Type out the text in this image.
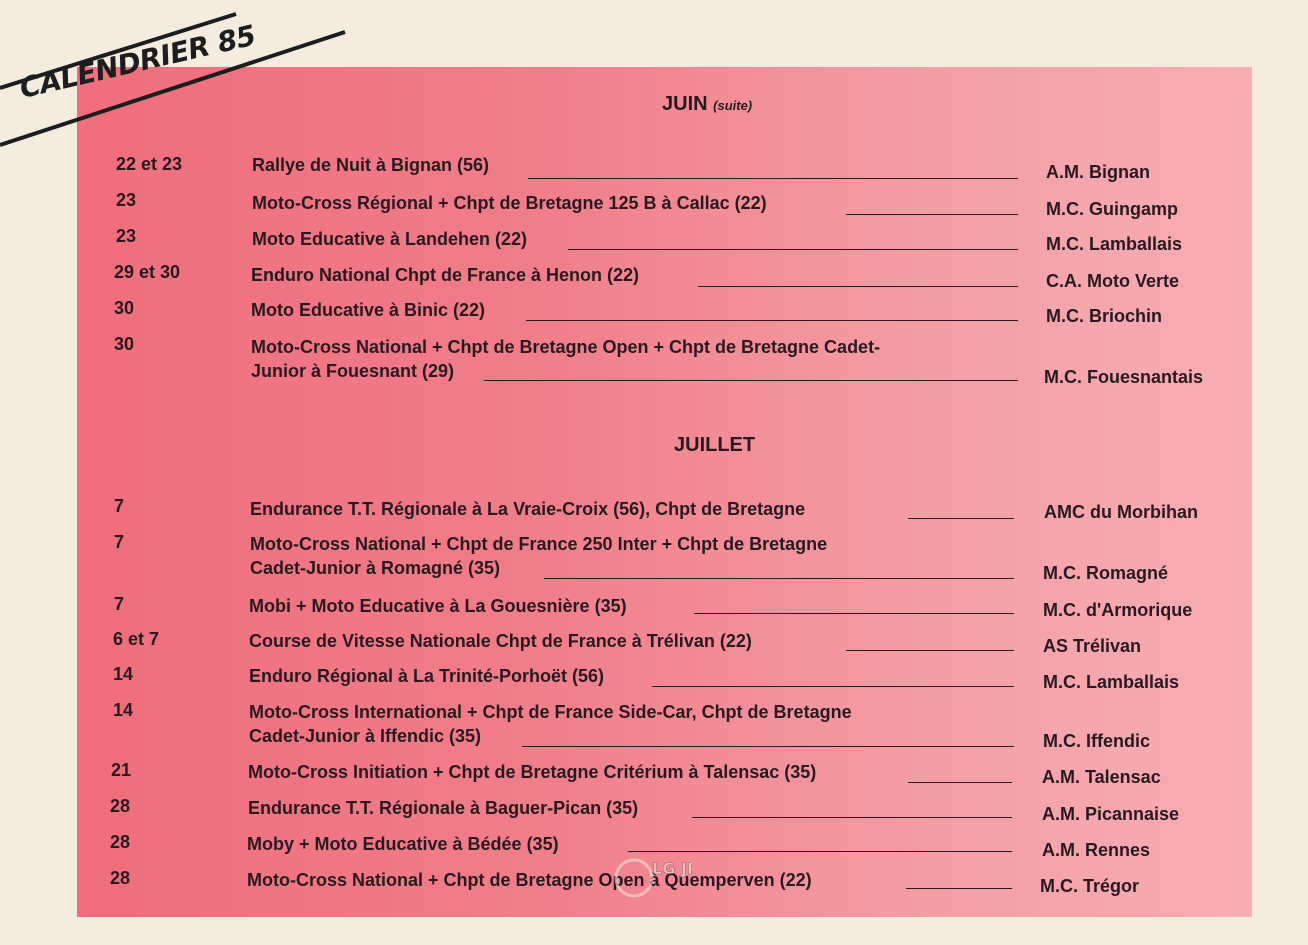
CALENDRIER 85	JUIN (suite)
22 et 23	Rallye de Nuit à Bignan (56)	A.M. Bignan
23	Moto-Cross Régional + Chpt de Bretagne 125 B à Callac (22)	M.C. Guingamp
23	Moto Educative à Landehen (22)	M.C. Lamballais
29 et 30	Enduro National Chpt de France à Henon (22)	C.A. Moto Verte
30	Moto Educative à Binic (22)	M.C. Briochin
30	Moto-Cross National + Chpt de Bretagne Open + Chpt de Bretagne Cadet-
Junior à Fouesnant (29)	M.C. Fouesnantais
JUILLET
7	Endurance T.T. Régionale à La Vraie-Croix (56), Chpt de Bretagne	AMC du Morbihan
7	Moto-Cross National + Chpt de France 250 Inter + Chpt de Bretagne
Cadet-Junior à Romagné (35)	M.C. Romagné
7	Mobi + Moto Educative à La Gouesnière (35)	M.C. d'Armorique
6 et 7	Course de Vitesse Nationale Chpt de France à Trélivan (22)	AS Trélivan
14	Enduro Régional à La Trinité-Porhoët (56)	M.C. Lamballais
14	Moto-Cross International + Chpt de France Side-Car, Chpt de Bretagne
Cadet-Junior à Iffendic (35)	M.C. Iffendic
21	Moto-Cross Initiation + Chpt de Bretagne Critérium à Talensac (35)	A.M. Talensac
28	Endurance T.T. Régionale à Baguer-Pican (35)	A.M. Picannaise
28	Moby + Moto Educative à Bédée (35)	A.M. Rennes
28	Moto-Cross National + Chpt de Bretagne Open à Quemperven (22)	M.C. Trégor
LG J
